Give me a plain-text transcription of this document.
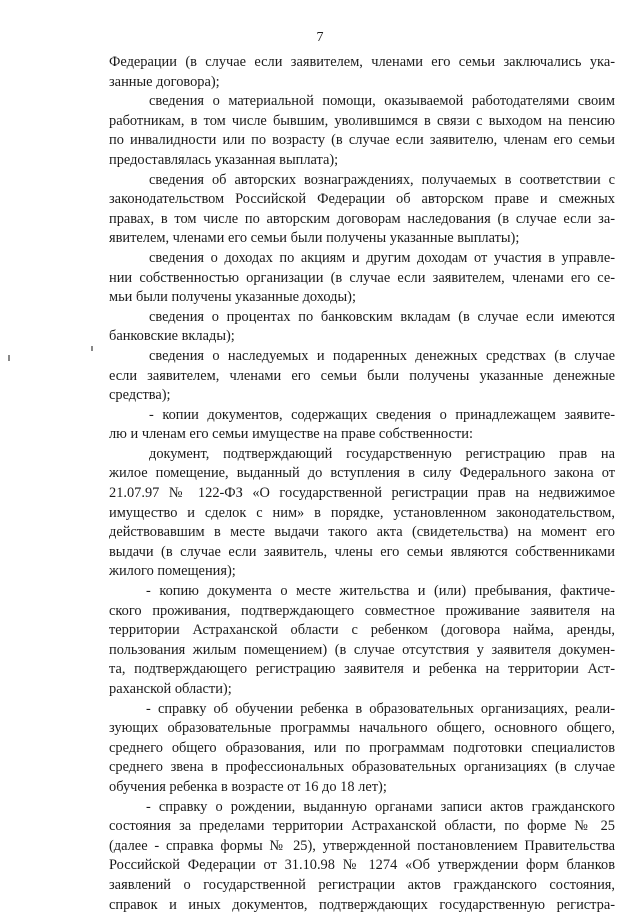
7
Федерации (в случае если заявителем, членами его семьи заключались ука-
занные договора);
сведения о материальной помощи, оказываемой работодателями своим
работникам, в том числе бывшим, уволившимся в связи с выходом на пенсию
по инвалидности или по возрасту (в случае если заявителю, членам его семьи
предоставлялась указанная выплата);
сведения об авторских вознаграждениях, получаемых в соответствии с
законодательством Российской Федерации об авторском праве и смежных
правах, в том числе по авторским договорам наследования (в случае если за-
явителем, членами его семьи были получены указанные выплаты);
сведения о доходах по акциям и другим доходам от участия в управле-
нии собственностью организации (в случае если заявителем, членами его се-
мьи были получены указанные доходы);
сведения о процентах по банковским вкладам (в случае если имеются
банковские вклады);
сведения о наследуемых и подаренных денежных средствах (в случае
если заявителем, членами его семьи были получены указанные денежные
средства);
- копии документов, содержащих сведения о принадлежащем заявите-
лю и членам его семьи имуществе на праве собственности:
документ, подтверждающий государственную регистрацию прав на
жилое помещение, выданный до вступления в силу Федерального закона от
21.07.97 № 122-ФЗ «О государственной регистрации прав на недвижимое
имущество и сделок с ним» в порядке, установленном законодательством,
действовавшим в месте выдачи такого акта (свидетельства) на момент его
выдачи (в случае если заявитель, члены его семьи являются собственниками
жилого помещения);
- копию документа о месте жительства и (или) пребывания, фактиче-
ского проживания, подтверждающего совместное проживание заявителя на
территории Астраханской области с ребенком (договора найма, аренды,
пользования жилым помещением) (в случае отсутствия у заявителя докумен-
та, подтверждающего регистрацию заявителя и ребенка на территории Аст-
раханской области);
- справку об обучении ребенка в образовательных организациях, реали-
зующих образовательные программы начального общего, основного общего,
среднего общего образования, или по программам подготовки специалистов
среднего звена в профессиональных образовательных организациях (в случае
обучения ребенка в возрасте от 16 до 18 лет);
- справку о рождении, выданную органами записи актов гражданского
состояния за пределами территории Астраханской области, по форме № 25
(далее - справка формы № 25), утвержденной постановлением Правительства
Российской Федерации от 31.10.98 № 1274 «Об утверждении форм бланков
заявлений о государственной регистрации актов гражданского состояния,
справок и иных документов, подтверждающих государственную регистра-
